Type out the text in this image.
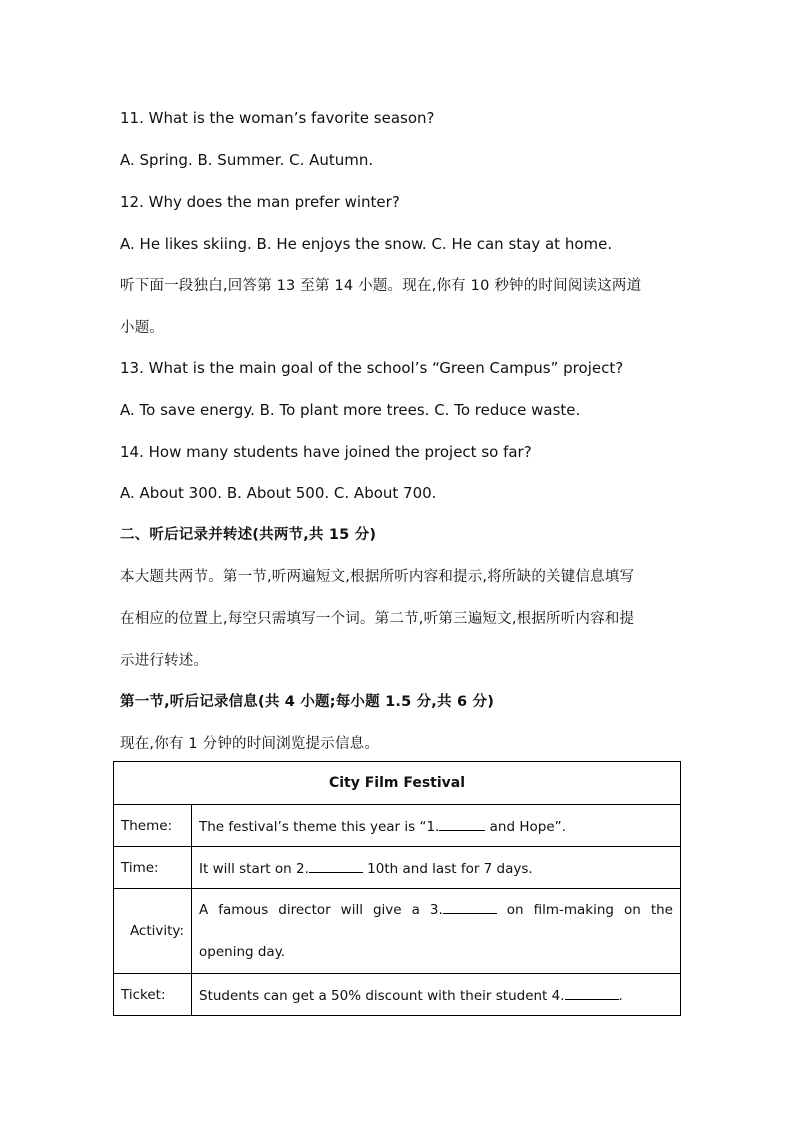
11. What is the woman’s favorite season?
A. Spring. B. Summer. C. Autumn.
12. Why does the man prefer winter?
A. He likes skiing. B. He enjoys the snow. C. He can stay at home.
听下面一段独白,回答第 13 至第 14 小题。现在,你有 10 秒钟的时间阅读这两道
小题。
13. What is the main goal of the school’s “Green Campus” project?
A. To save energy. B. To plant more trees. C. To reduce waste.
14. How many students have joined the project so far?
A. About 300. B. About 500. C. About 700.
二、听后记录并转述(共两节,共 15 分)
本大题共两节。第一节,听两遍短文,根据所听内容和提示,将所缺的关键信息填写
在相应的位置上,每空只需填写一个词。第二节,听第三遍短文,根据所听内容和提
示进行转述。
第一节,听后记录信息(共 4 小题;每小题 1.5 分,共 6 分)
现在,你有 1 分钟的时间浏览提示信息。
City Film Festival	
Theme:	The festival’s theme this year is “1. and Hope”.
Time:	It will start on 2. 10th and last for 7 days.
Activity:	A famous director will give a 3. on film-making on the opening day.

Ticket:	Students can get a 50% discount with their student 4. .
